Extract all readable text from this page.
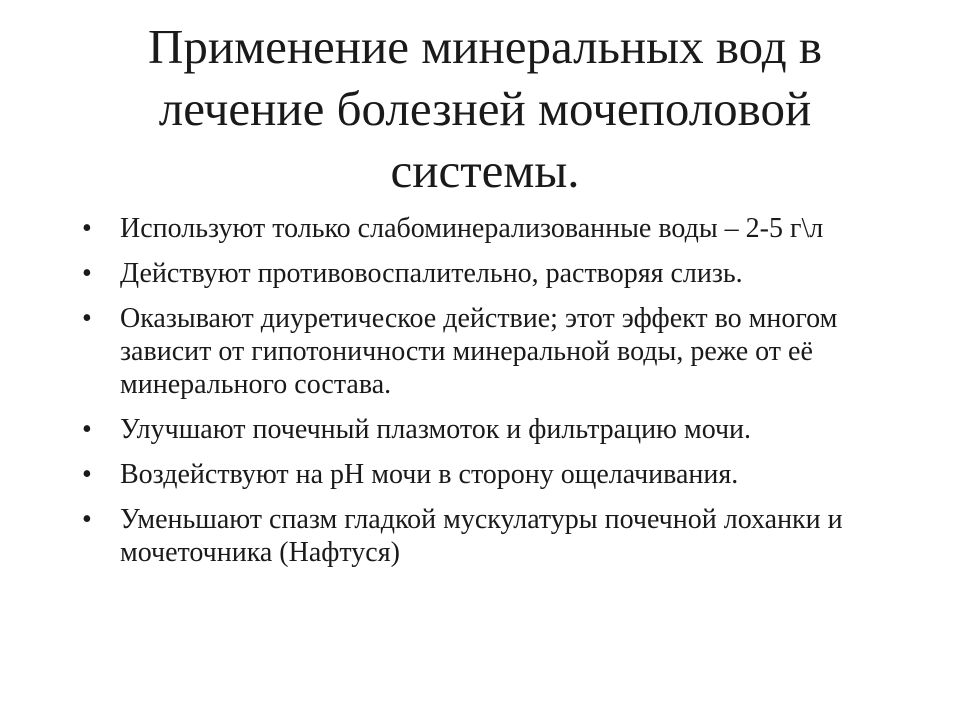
Применение минеральных вод в лечение болезней мочеполовой системы.
• Используют только слабоминерализованные воды – 2-5 г\л
• Действуют противовоспалительно, растворяя слизь.
• Оказывают диуретическое действие; этот эффект во многом зависит от гипотоничности минеральной воды, реже от её минерального состава.
• Улучшают почечный плазмоток и фильтрацию мочи.
• Воздействуют на pH мочи в сторону ощелачивания.
• Уменьшают спазм гладкой мускулатуры почечной лоханки и мочеточника (Нафтуся)
